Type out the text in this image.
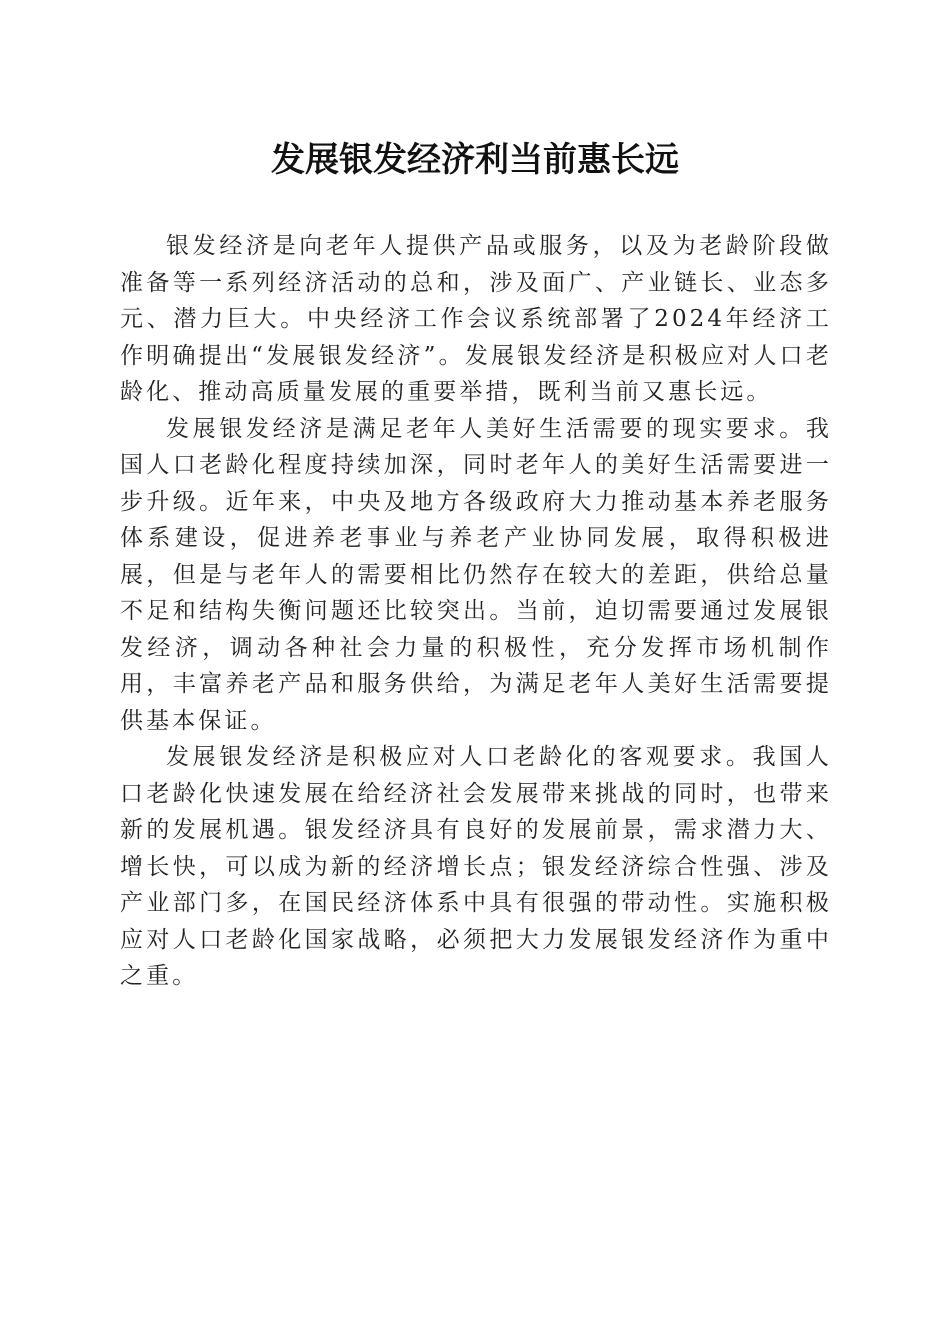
发展银发经济利当前惠长远

银发经济是向老年人提供产品或服务，以及为老龄阶段做准备等一系列经济活动的总和，涉及面广、产业链长、业态多元、潜力巨大。中央经济工作会议系统部署了2024年经济工作明确提出“发展银发经济”。发展银发经济是积极应对人口老龄化、推动高质量发展的重要举措，既利当前又惠长远。

发展银发经济是满足老年人美好生活需要的现实要求。我国人口老龄化程度持续加深，同时老年人的美好生活需要进一步升级。近年来，中央及地方各级政府大力推动基本养老服务体系建设，促进养老事业与养老产业协同发展，取得积极进展，但是与老年人的需要相比仍然存在较大的差距，供给总量不足和结构失衡问题还比较突出。当前，迫切需要通过发展银发经济，调动各种社会力量的积极性，充分发挥市场机制作用，丰富养老产品和服务供给，为满足老年人美好生活需要提供基本保证。

发展银发经济是积极应对人口老龄化的客观要求。我国人口老龄化快速发展在给经济社会发展带来挑战的同时，也带来新的发展机遇。银发经济具有良好的发展前景，需求潜力大、增长快，可以成为新的经济增长点；银发经济综合性强、涉及产业部门多，在国民经济体系中具有很强的带动性。实施积极应对人口老龄化国家战略，必须把大力发展银发经济作为重中之重。
